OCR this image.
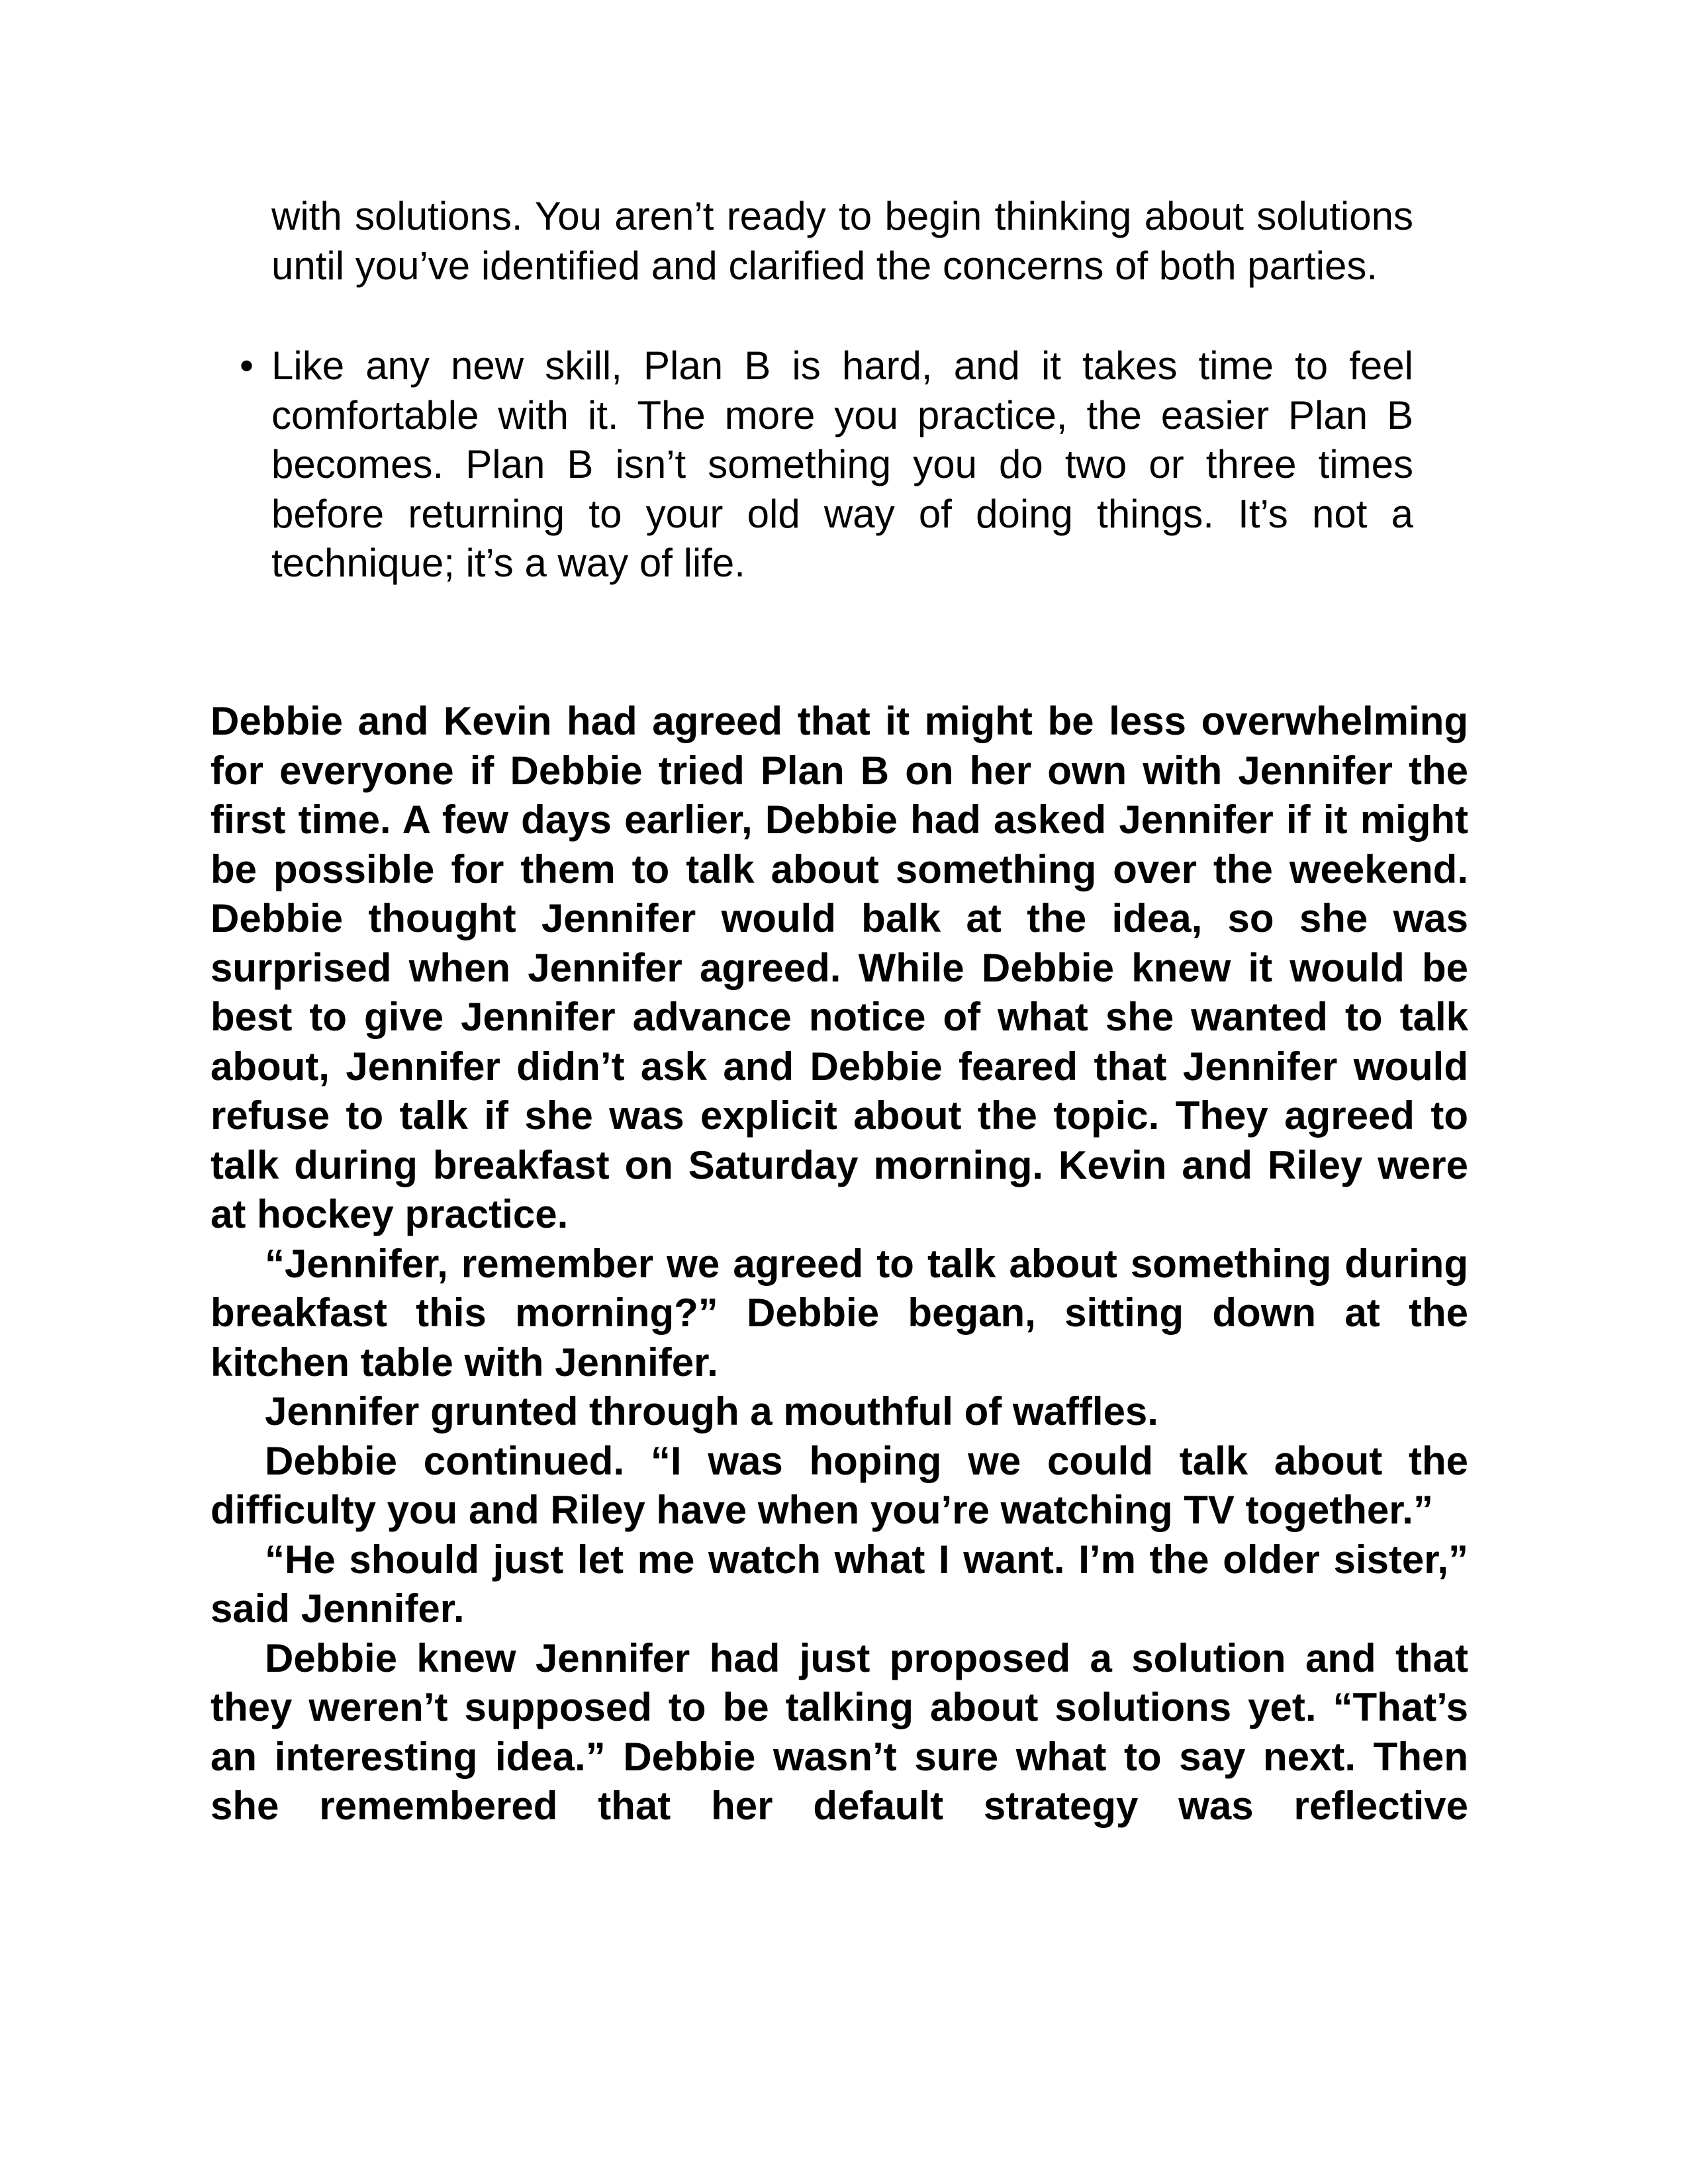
with solutions. You aren’t ready to begin thinking about solutions until you’ve identified and clarified the concerns of both parties.

• Like any new skill, Plan B is hard, and it takes time to feel comfortable with it. The more you practice, the easier Plan B becomes. Plan B isn’t something you do two or three times before returning to your old way of doing things. It’s not a technique; it’s a way of life.

Debbie and Kevin had agreed that it might be less overwhelming for everyone if Debbie tried Plan B on her own with Jennifer the first time. A few days earlier, Debbie had asked Jennifer if it might be possible for them to talk about something over the weekend. Debbie thought Jennifer would balk at the idea, so she was surprised when Jennifer agreed. While Debbie knew it would be best to give Jennifer advance notice of what she wanted to talk about, Jennifer didn’t ask and Debbie feared that Jennifer would refuse to talk if she was explicit about the topic. They agreed to talk during breakfast on Saturday morning. Kevin and Riley were at hockey practice.

“Jennifer, remember we agreed to talk about something during breakfast this morning?” Debbie began, sitting down at the kitchen table with Jennifer.

Jennifer grunted through a mouthful of waffles.

Debbie continued. “I was hoping we could talk about the difficulty you and Riley have when you’re watching TV together.”

“He should just let me watch what I want. I’m the older sister,” said Jennifer.

Debbie knew Jennifer had just proposed a solution and that they weren’t supposed to be talking about solutions yet. “That’s an interesting idea.” Debbie wasn’t sure what to say next. Then she remembered that her default strategy was reflective
